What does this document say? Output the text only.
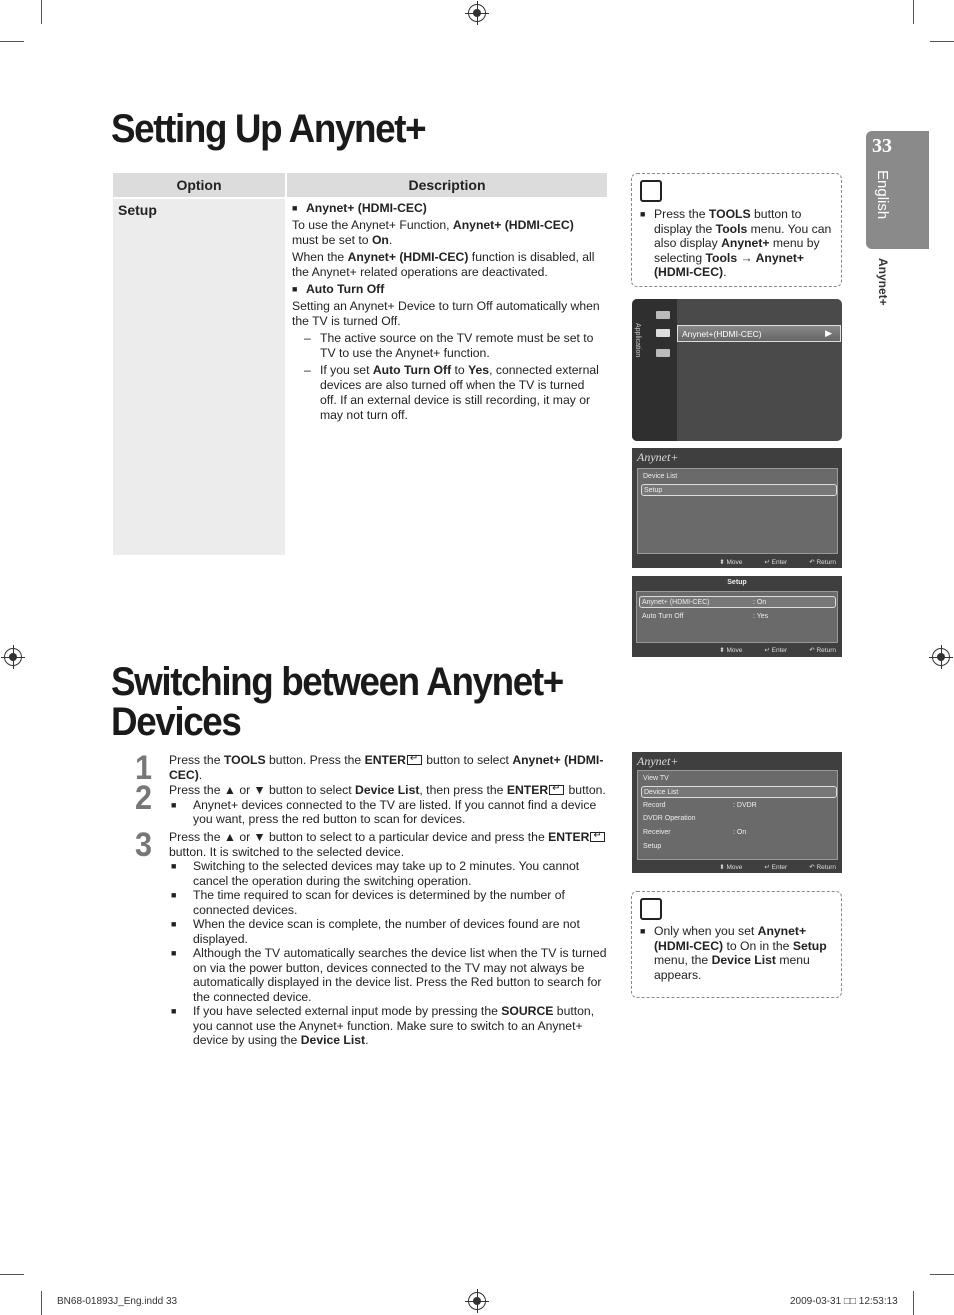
Setting Up Anynet+
Switching between Anynet+
Devices
33
English
Anynet+
Option	Description
Setup	■ Anynet+ (HDMI-CEC)

To use the Anynet+ Function, Anynet+ (HDMI-CEC) must be set to On.

When the Anynet+ (HDMI-CEC) function is disabled, all the Anynet+ related operations are deactivated.

■ Auto Turn Off

Setting an Anynet+ Device to turn Off automatically when the TV is turned Off.

– The active source on the TV remote must be set to TV to use the Anynet+ function.
– If you set Auto Turn Off to Yes, connected external devices are also turned off when the TV is turned off. If an external device is still recording, it may or may not turn off.
■ Press the TOOLS button to display the Tools menu. You can also display Anynet+ menu by selecting Tools → Anynet+ (HDMI-CEC).
Application	Anynet+(HDMI-CEC)	▶
Anynet+
Device List
Setup
⬍ Move	↵ Enter	↶ Return
Setup
Anynet+ (HDMI-CEC)	: On
Auto Turn Off	: Yes
⬍ Move	↵ Enter	↶ Return
1
2
3
Press the TOOLS button. Press the ENTER↵ button to select Anynet+ (HDMI-CEC).
Press the ▲ or ▼ button to select Device List, then press the ENTER↵ button.
■	Anynet+ devices connected to the TV are listed. If you cannot find a device you want, press the red button to scan for devices.
Press the ▲ or ▼ button to select to a particular device and press the ENTER↵ button. It is switched to the selected device.
■	Switching to the selected devices may take up to 2 minutes. You cannot cancel the operation during the switching operation.
■	The time required to scan for devices is determined by the number of connected devices.
■	When the device scan is complete, the number of devices found are not displayed.
■	Although the TV automatically searches the device list when the TV is turned on via the power button, devices connected to the TV may not always be automatically displayed in the device list. Press the Red button to search for the connected device.
■	If you have selected external input mode by pressing the SOURCE button, you cannot use the Anynet+ function. Make sure to switch to an Anynet+ device by using the Device List.
Anynet+
View TV
Device List
Record	: DVDR
DVDR Operation
Receiver	: On
Setup
⬍ Move	↵ Enter	↶ Return
■ Only when you set Anynet+ (HDMI-CEC) to On in the Setup menu, the Device List menu appears.
BN68-01893J_Eng.indd 33	2009-03-31 □□ 12:53:13
